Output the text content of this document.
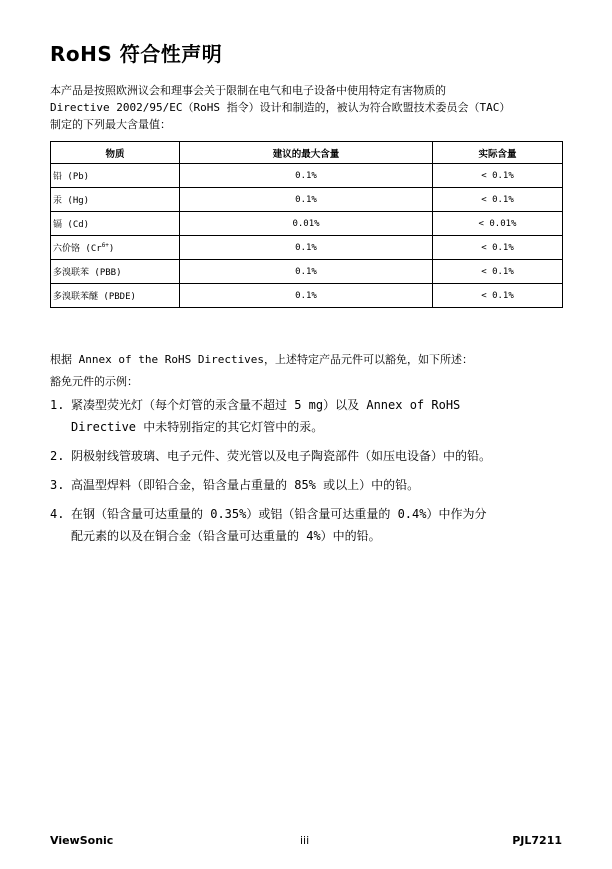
RoHS 符合性声明
本产品是按照欧洲议会和理事会关于限制在电气和电子设备中使用特定有害物质的
Directive 2002/95/EC（RoHS 指令）设计和制造的，被认为符合欧盟技术委员会（TAC）
制定的下列最大含量值：
物质	建议的最大含量	实际含量
铅 (Pb)	0.1%	< 0.1%
汞 (Hg)	0.1%	< 0.1%
镉 (Cd)	0.01%	< 0.01%
六价铬 $(Cr^{6+})$	0.1%	< 0.1%
多溴联苯 (PBB)	0.1%	< 0.1%
多溴联苯醚 (PBDE)	0.1%	< 0.1%
根据 Annex of the RoHS Directives，上述特定产品元件可以豁免，如下所述：
豁免元件的示例：
1. 紧凑型荧光灯（每个灯管的汞含量不超过 5 mg）以及 Annex of RoHS
Directive 中未特别指定的其它灯管中的汞。
2. 阴极射线管玻璃、电子元件、荧光管以及电子陶瓷部件（如压电设备）中的铅。
3. 高温型焊料（即铅合金，铅含量占重量的 85% 或以上）中的铅。
4. 在钢（铅含量可达重量的 0.35%）或铝（铅含量可达重量的 0.4%）中作为分
配元素的以及在铜合金（铅含量可达重量的 4%）中的铅。
ViewSonic	iii	PJL7211
